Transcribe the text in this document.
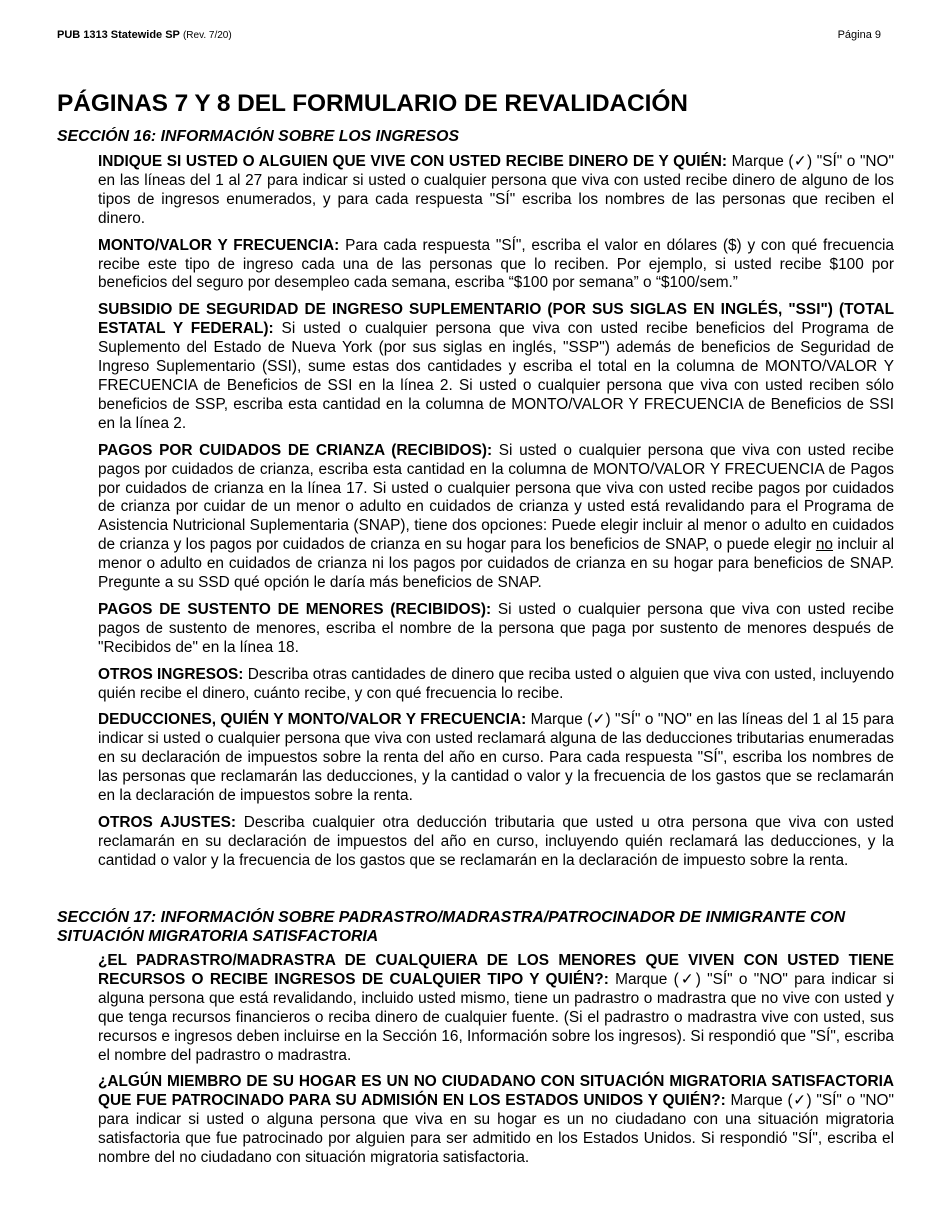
PUB 1313 Statewide SP (Rev. 7/20)	Página 9
PÁGINAS 7 Y 8 DEL FORMULARIO DE REVALIDACIÓN
SECCIÓN 16: INFORMACIÓN SOBRE LOS INGRESOS

INDIQUE SI USTED O ALGUIEN QUE VIVE CON USTED RECIBE DINERO DE Y QUIÉN: Marque (✓) "SÍ" o "NO" en las líneas del 1 al 27 para indicar si usted o cualquier persona que viva con usted recibe dinero de alguno de los tipos de ingresos enumerados, y para cada respuesta "SÍ" escriba los nombres de las personas que reciben el dinero.

MONTO/VALOR Y FRECUENCIA: Para cada respuesta "SÍ", escriba el valor en dólares ($) y con qué frecuencia recibe este tipo de ingreso cada una de las personas que lo reciben. Por ejemplo, si usted recibe $100 por beneficios del seguro por desempleo cada semana, escriba “$100 por semana” o “$100/sem.”

SUBSIDIO DE SEGURIDAD DE INGRESO SUPLEMENTARIO (POR SUS SIGLAS EN INGLÉS, "SSI") (TOTAL ESTATAL Y FEDERAL): Si usted o cualquier persona que viva con usted recibe beneficios del Programa de Suplemento del Estado de Nueva York (por sus siglas en inglés, "SSP") además de beneficios de Seguridad de Ingreso Suplementario (SSI), sume estas dos cantidades y escriba el total en la columna de MONTO/VALOR Y FRECUENCIA de Beneficios de SSI en la línea 2. Si usted o cualquier persona que viva con usted reciben sólo beneficios de SSP, escriba esta cantidad en la columna de MONTO/VALOR Y FRECUENCIA de Beneficios de SSI en la línea 2.

PAGOS POR CUIDADOS DE CRIANZA (RECIBIDOS): Si usted o cualquier persona que viva con usted recibe pagos por cuidados de crianza, escriba esta cantidad en la columna de MONTO/VALOR Y FRECUENCIA de Pagos por cuidados de crianza en la línea 17. Si usted o cualquier persona que viva con usted recibe pagos por cuidados de crianza por cuidar de un menor o adulto en cuidados de crianza y usted está revalidando para el Programa de Asistencia Nutricional Suplementaria (SNAP), tiene dos opciones: Puede elegir incluir al menor o adulto en cuidados de crianza y los pagos por cuidados de crianza en su hogar para los beneficios de SNAP, o puede elegir no incluir al menor o adulto en cuidados de crianza ni los pagos por cuidados de crianza en su hogar para beneficios de SNAP. Pregunte a su SSD qué opción le daría más beneficios de SNAP.

PAGOS DE SUSTENTO DE MENORES (RECIBIDOS): Si usted o cualquier persona que viva con usted recibe pagos de sustento de menores, escriba el nombre de la persona que paga por sustento de menores después de "Recibidos de" en la línea 18.

OTROS INGRESOS: Describa otras cantidades de dinero que reciba usted o alguien que viva con usted, incluyendo quién recibe el dinero, cuánto recibe, y con qué frecuencia lo recibe.

DEDUCCIONES, QUIÉN Y MONTO/VALOR Y FRECUENCIA: Marque (✓) "SÍ" o "NO" en las líneas del 1 al 15 para indicar si usted o cualquier persona que viva con usted reclamará alguna de las deducciones tributarias enumeradas en su declaración de impuestos sobre la renta del año en curso. Para cada respuesta "SÍ", escriba los nombres de las personas que reclamarán las deducciones, y la cantidad o valor y la frecuencia de los gastos que se reclamarán en la declaración de impuestos sobre la renta.

OTROS AJUSTES: Describa cualquier otra deducción tributaria que usted u otra persona que viva con usted reclamarán en su declaración de impuestos del año en curso, incluyendo quién reclamará las deducciones, y la cantidad o valor y la frecuencia de los gastos que se reclamarán en la declaración de impuesto sobre la renta.

SECCIÓN 17: INFORMACIÓN SOBRE PADRASTRO/MADRASTRA/PATROCINADOR DE INMIGRANTE CON
SITUACIÓN MIGRATORIA SATISFACTORIA

¿EL PADRASTRO/MADRASTRA DE CUALQUIERA DE LOS MENORES QUE VIVEN CON USTED TIENE RECURSOS O RECIBE INGRESOS DE CUALQUIER TIPO Y QUIÉN?: Marque (✓) "SÍ" o "NO" para indicar si alguna persona que está revalidando, incluido usted mismo, tiene un padrastro o madrastra que no vive con usted y que tenga recursos financieros o reciba dinero de cualquier fuente. (Si el padrastro o madrastra vive con usted, sus recursos e ingresos deben incluirse en la Sección 16, Información sobre los ingresos). Si respondió que "SÍ", escriba el nombre del padrastro o madrastra.

¿ALGÚN MIEMBRO DE SU HOGAR ES UN NO CIUDADANO CON SITUACIÓN MIGRATORIA SATISFACTORIA QUE FUE PATROCINADO PARA SU ADMISIÓN EN LOS ESTADOS UNIDOS Y QUIÉN?: Marque (✓) "SÍ" o "NO" para indicar si usted o alguna persona que viva en su hogar es un no ciudadano con una situación migratoria satisfactoria que fue patrocinado por alguien para ser admitido en los Estados Unidos. Si respondió "SÍ", escriba el nombre del no ciudadano con situación migratoria satisfactoria.
